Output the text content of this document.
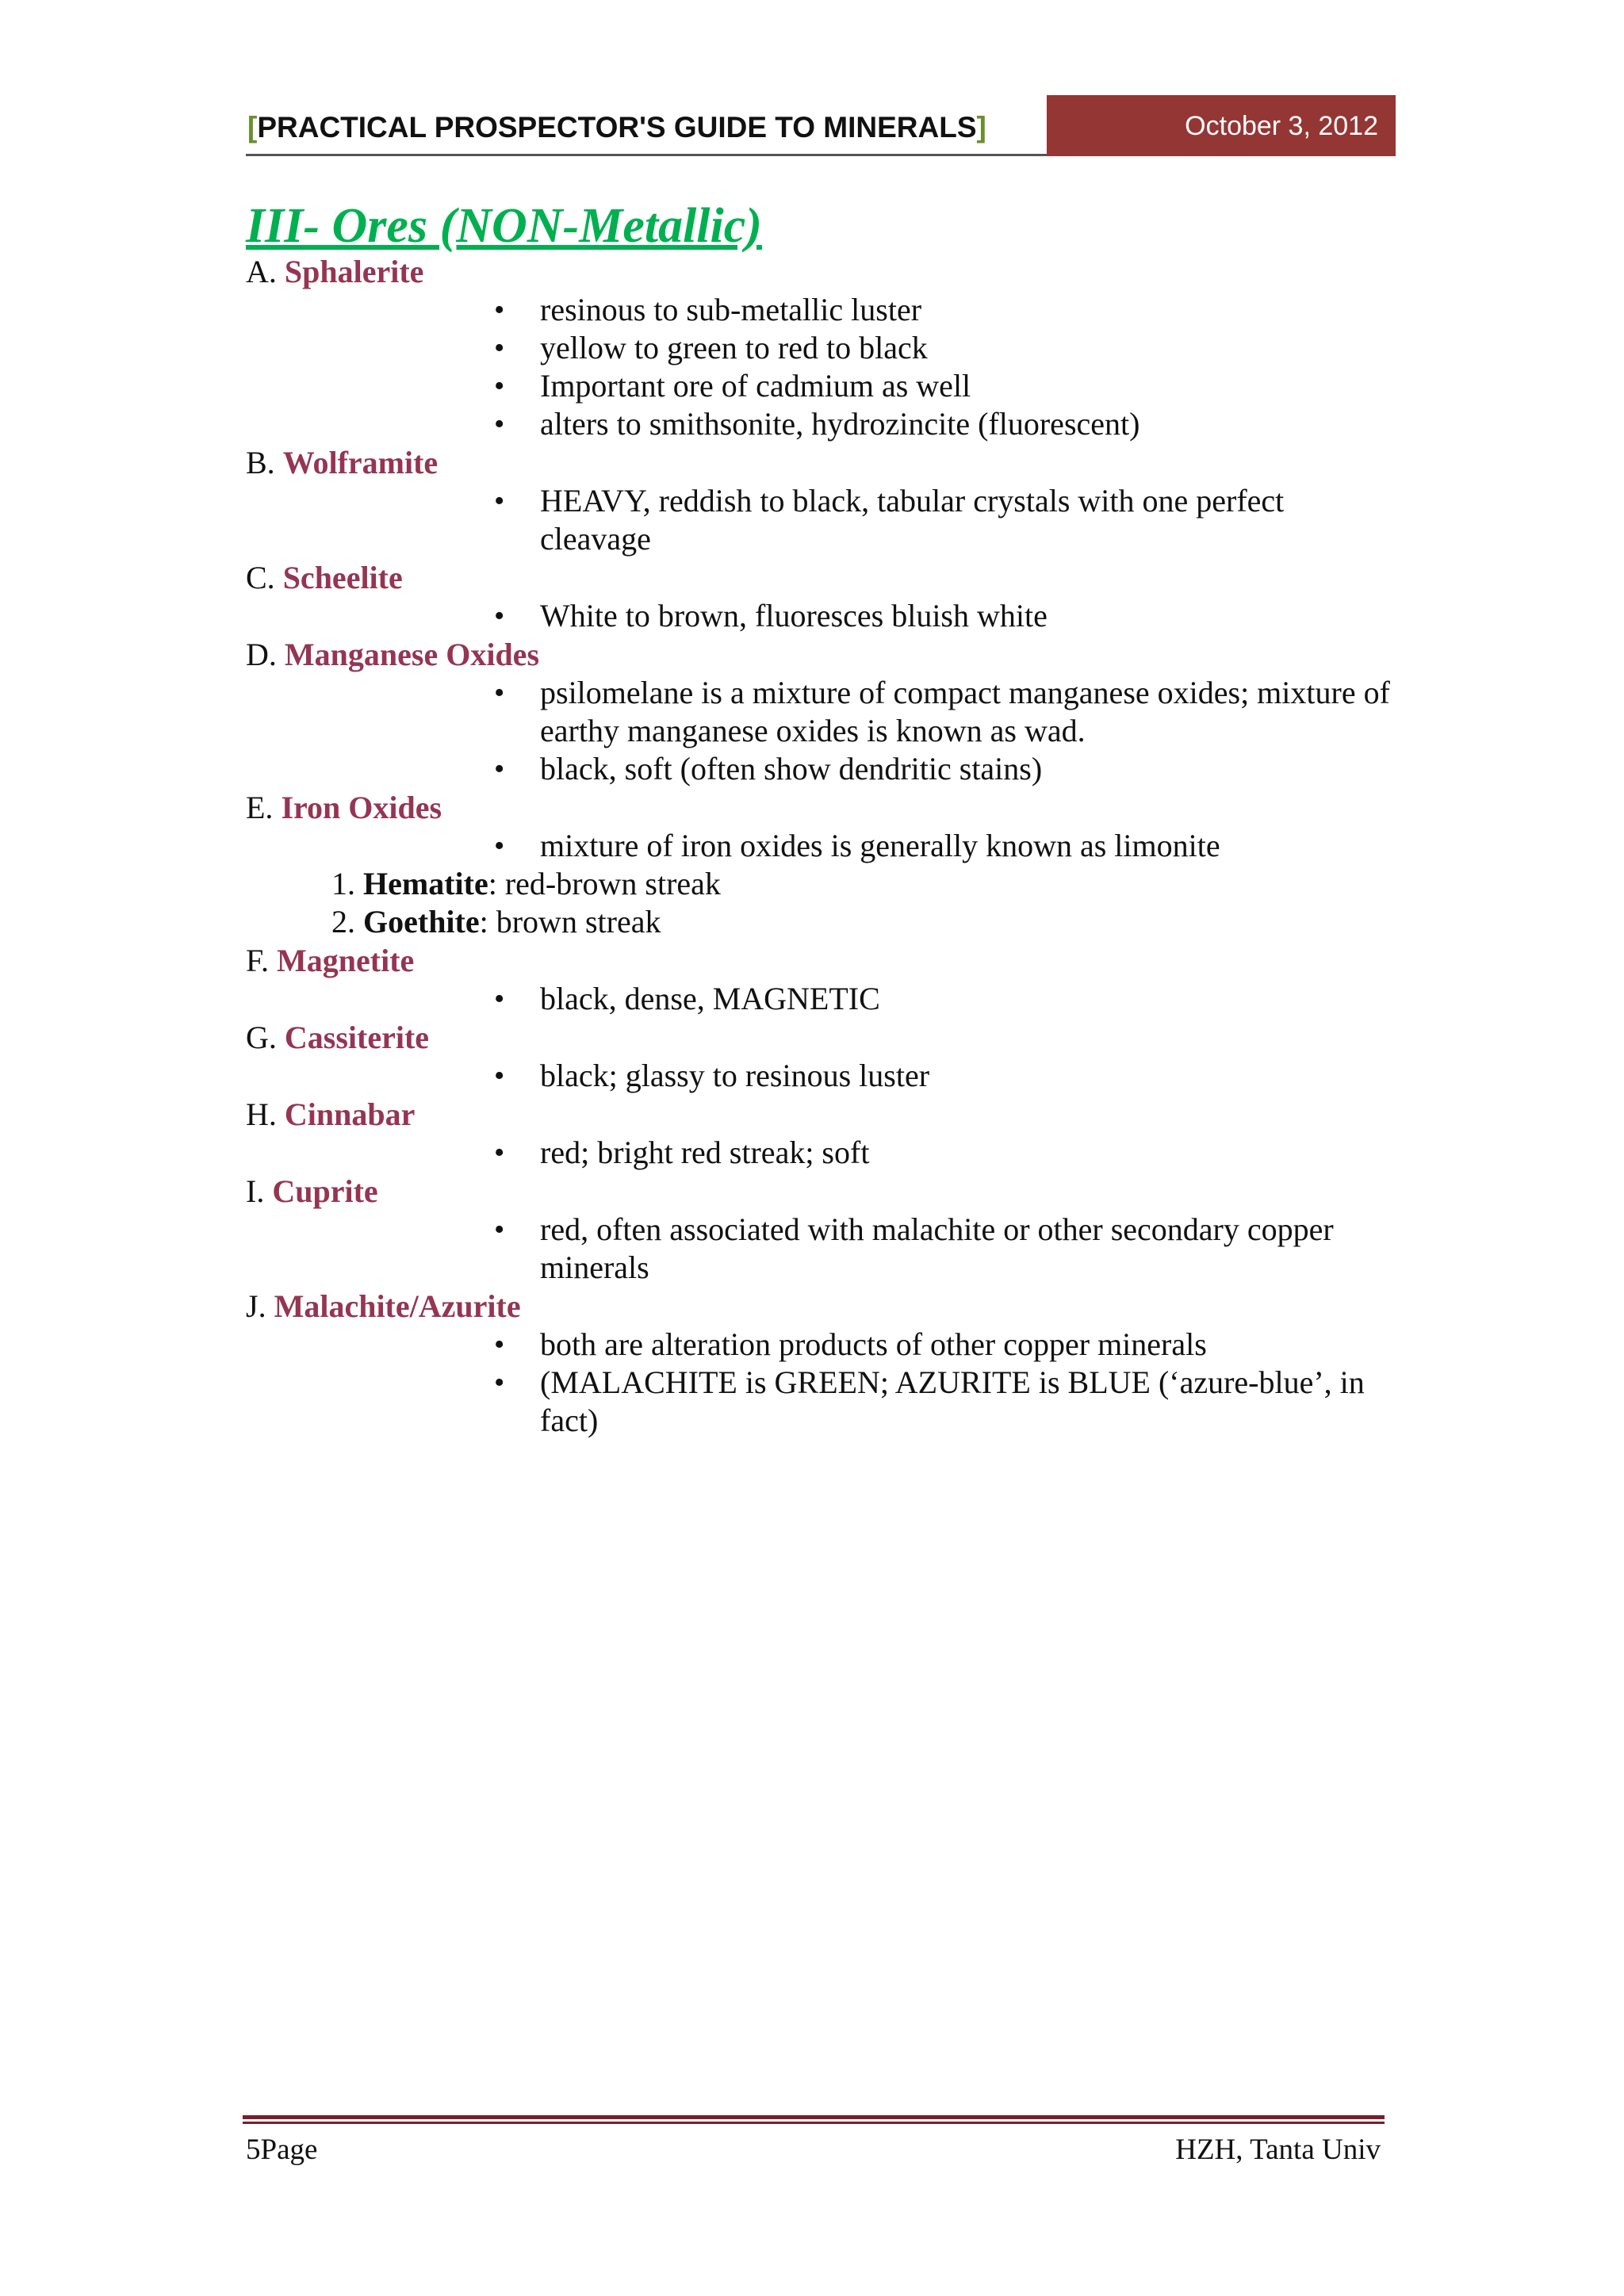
[PRACTICAL PROSPECTOR'S GUIDE TO MINERALS]	October 3, 2012
III- Ores (NON-Metallic)

A. Sphalerite

• resinous to sub-metallic luster
• yellow to green to red to black
• Important ore of cadmium as well
• alters to smithsonite, hydrozincite (fluorescent)

B. Wolframite

• HEAVY, reddish to black, tabular crystals with one perfect cleavage

C. Scheelite

• White to brown, fluoresces bluish white

D. Manganese Oxides

• psilomelane is a mixture of compact manganese oxides; mixture of earthy manganese oxides is known as wad.
• black, soft (often show dendritic stains)

E. Iron Oxides

• mixture of iron oxides is generally known as limonite
1. Hematite: red-brown streak
2. Goethite: brown streak

F. Magnetite

• black, dense, MAGNETIC

G. Cassiterite

• black; glassy to resinous luster

H. Cinnabar

• red; bright red streak; soft

I. Cuprite

• red, often associated with malachite or other secondary copper minerals

J. Malachite/Azurite

• both are alteration products of other copper minerals
• (MALACHITE is GREEN; AZURITE is BLUE (‘azure-blue’, in fact)
5Page	HZH, Tanta Univ
